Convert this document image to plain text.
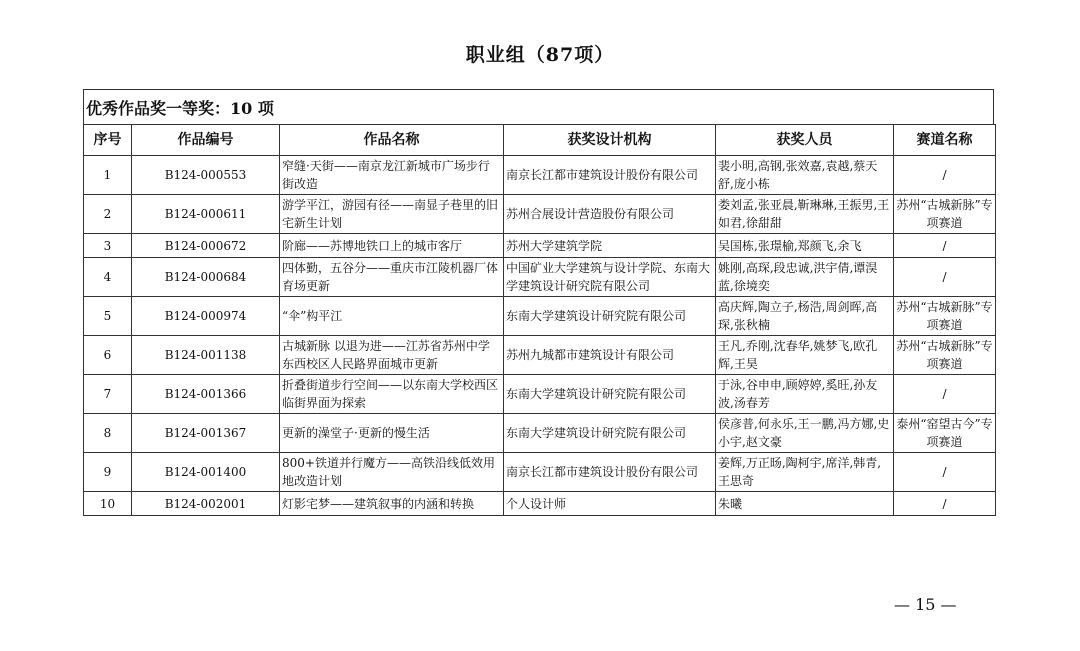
职业组（87项）
优秀作品奖一等奖：10 项
序号	作品编号	作品名称	获奖设计机构	获奖人员	赛道名称
1	B124-000553	窄缝·天街——南京龙江新城市广场步行街改造	南京长江都市建筑设计股份有限公司	裴小明,高钢,张效嘉,袁越,蔡天舒,庞小栋	/
2	B124-000611	游学平江，游园有径——南显子巷里的旧宅新生计划	苏州合展设计营造股份有限公司	娄刘孟,张亚晨,靳琳琳,王振男,王如君,徐甜甜	苏州“古城新脉”专项赛道
3	B124-000672	阶廊——苏博地铁口上的城市客厅	苏州大学建筑学院	吴国栋,张璟榆,郑颜飞,余飞	/
4	B124-000684	四体勤，五谷分——重庆市江陵机器厂体育场更新	中国矿业大学建筑与设计学院、东南大学建筑设计研究院有限公司	姚刚,高琛,段忠诚,洪宇倩,谭淏蓝,徐境奕	/
5	B124-000974	“伞”构平江	东南大学建筑设计研究院有限公司	高庆辉,陶立子,杨浩,周剑晖,高琛,张秋楠	苏州“古城新脉”专项赛道
6	B124-001138	古城新脉 以退为进——江苏省苏州中学东西校区人民路界面城市更新	苏州九城都市建筑设计有限公司	王凡,乔刚,沈春华,姚梦飞,欧孔辉,王昊	苏州“古城新脉”专项赛道
7	B124-001366	折叠街道步行空间——以东南大学校西区临街界面为探索	东南大学建筑设计研究院有限公司	于泳,谷申申,顾婷婷,奚旺,孙友波,汤春芳	/
8	B124-001367	更新的澡堂子·更新的慢生活	东南大学建筑设计研究院有限公司	侯彦普,何永乐,王一鹏,冯方娜,史小宇,赵文豪	泰州“窑望古今”专项赛道
9	B124-001400	800+铁道并行魔方——高铁沿线低效用地改造计划	南京长江都市建筑设计股份有限公司	姜辉,万正旸,陶柯宇,席洋,韩青,王思奇	/
10	B124-002001	灯影宅梦——建筑叙事的内涵和转换	个人设计师	朱曦	/
— 15 —
